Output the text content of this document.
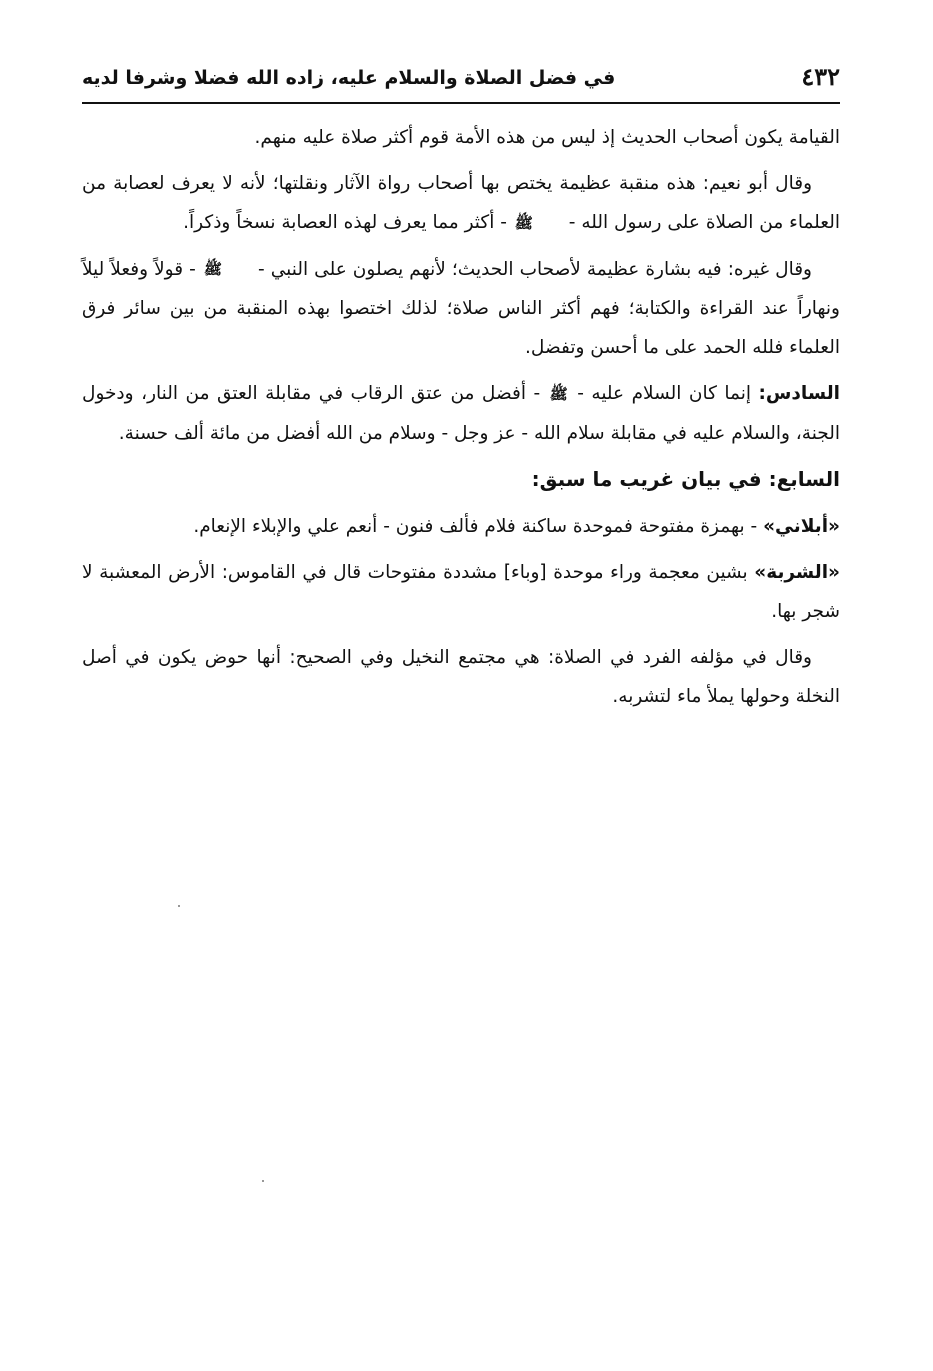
٤٣٢
في فضل الصلاة والسلام عليه، زاده الله فضلا وشرفا لديه

القيامة يكون أصحاب الحديث إذ ليس من هذه الأمة قوم أكثر صلاة عليه منهم.

وقال أبو نعيم: هذه منقبة عظيمة يختص بها أصحاب رواة الآثار ونقلتها؛ لأنه لا يعرف لعصابة من العلماء من الصلاة على رسول الله - ﷺ - أكثر مما يعرف لهذه العصابة نسخاً وذكراً.

وقال غيره: فيه بشارة عظيمة لأصحاب الحديث؛ لأنهم يصلون على النبي - ﷺ - قولاً وفعلاً ليلاً ونهاراً عند القراءة والكتابة؛ فهم أكثر الناس صلاة؛ لذلك اختصوا بهذه المنقبة من بين سائر فرق العلماء فلله الحمد على ما أحسن وتفضل.

السادس: إنما كان السلام عليه - ﷺ - أفضل من عتق الرقاب في مقابلة العتق من النار، ودخول الجنة، والسلام عليه في مقابلة سلام الله - عز وجل - وسلام من الله أفضل من مائة ألف حسنة.

السابع: في بيان غريب ما سبق:

«أبلاني» - بهمزة مفتوحة فموحدة ساكنة فلام فألف فنون - أنعم علي والإبلاء الإنعام.

«الشربة» بشين معجمة وراء موحدة [وباء] مشددة مفتوحات قال في القاموس: الأرض المعشبة لا شجر بها.

وقال في مؤلفه الفرد في الصلاة: هي مجتمع النخيل وفي الصحيح: أنها حوض يكون في أصل النخلة وحولها يملأ ماء لتشربه.
